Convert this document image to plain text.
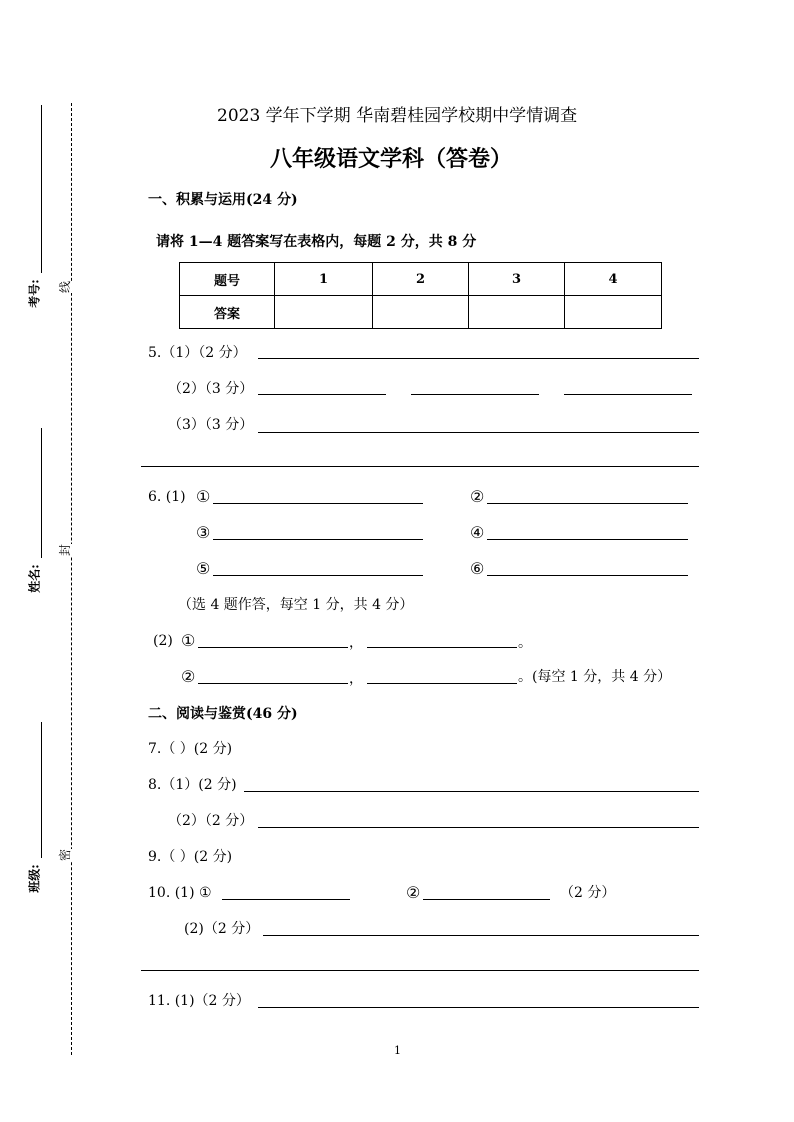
考号:
姓名:
班级:
线
封
密
2023 学年下学期 华南碧桂园学校期中学情调查
八年级语文学科（答卷）
一、积累与运用(24 分)
请将 1—4 题答案写在表格内，每题 2 分，共 8 分
题号	1	2	3	4
答案				
5.（1）（2 分）
（2）（3 分）
（3）（3 分）
6. (1) ①	②
③	④
⑤	⑥
（选 4 题作答，每空 1 分，共 4 分）
(2) ①	，	。
②	，	。(每空 1 分，共 4 分）
二、阅读与鉴赏(46 分)
7.（ ）(2 分)
8.（1）(2 分)
（2）（2 分）
9.（ ）(2 分)
10. (1) ①	②	（2 分）
(2)（2 分）
11. (1)（2 分）
1
